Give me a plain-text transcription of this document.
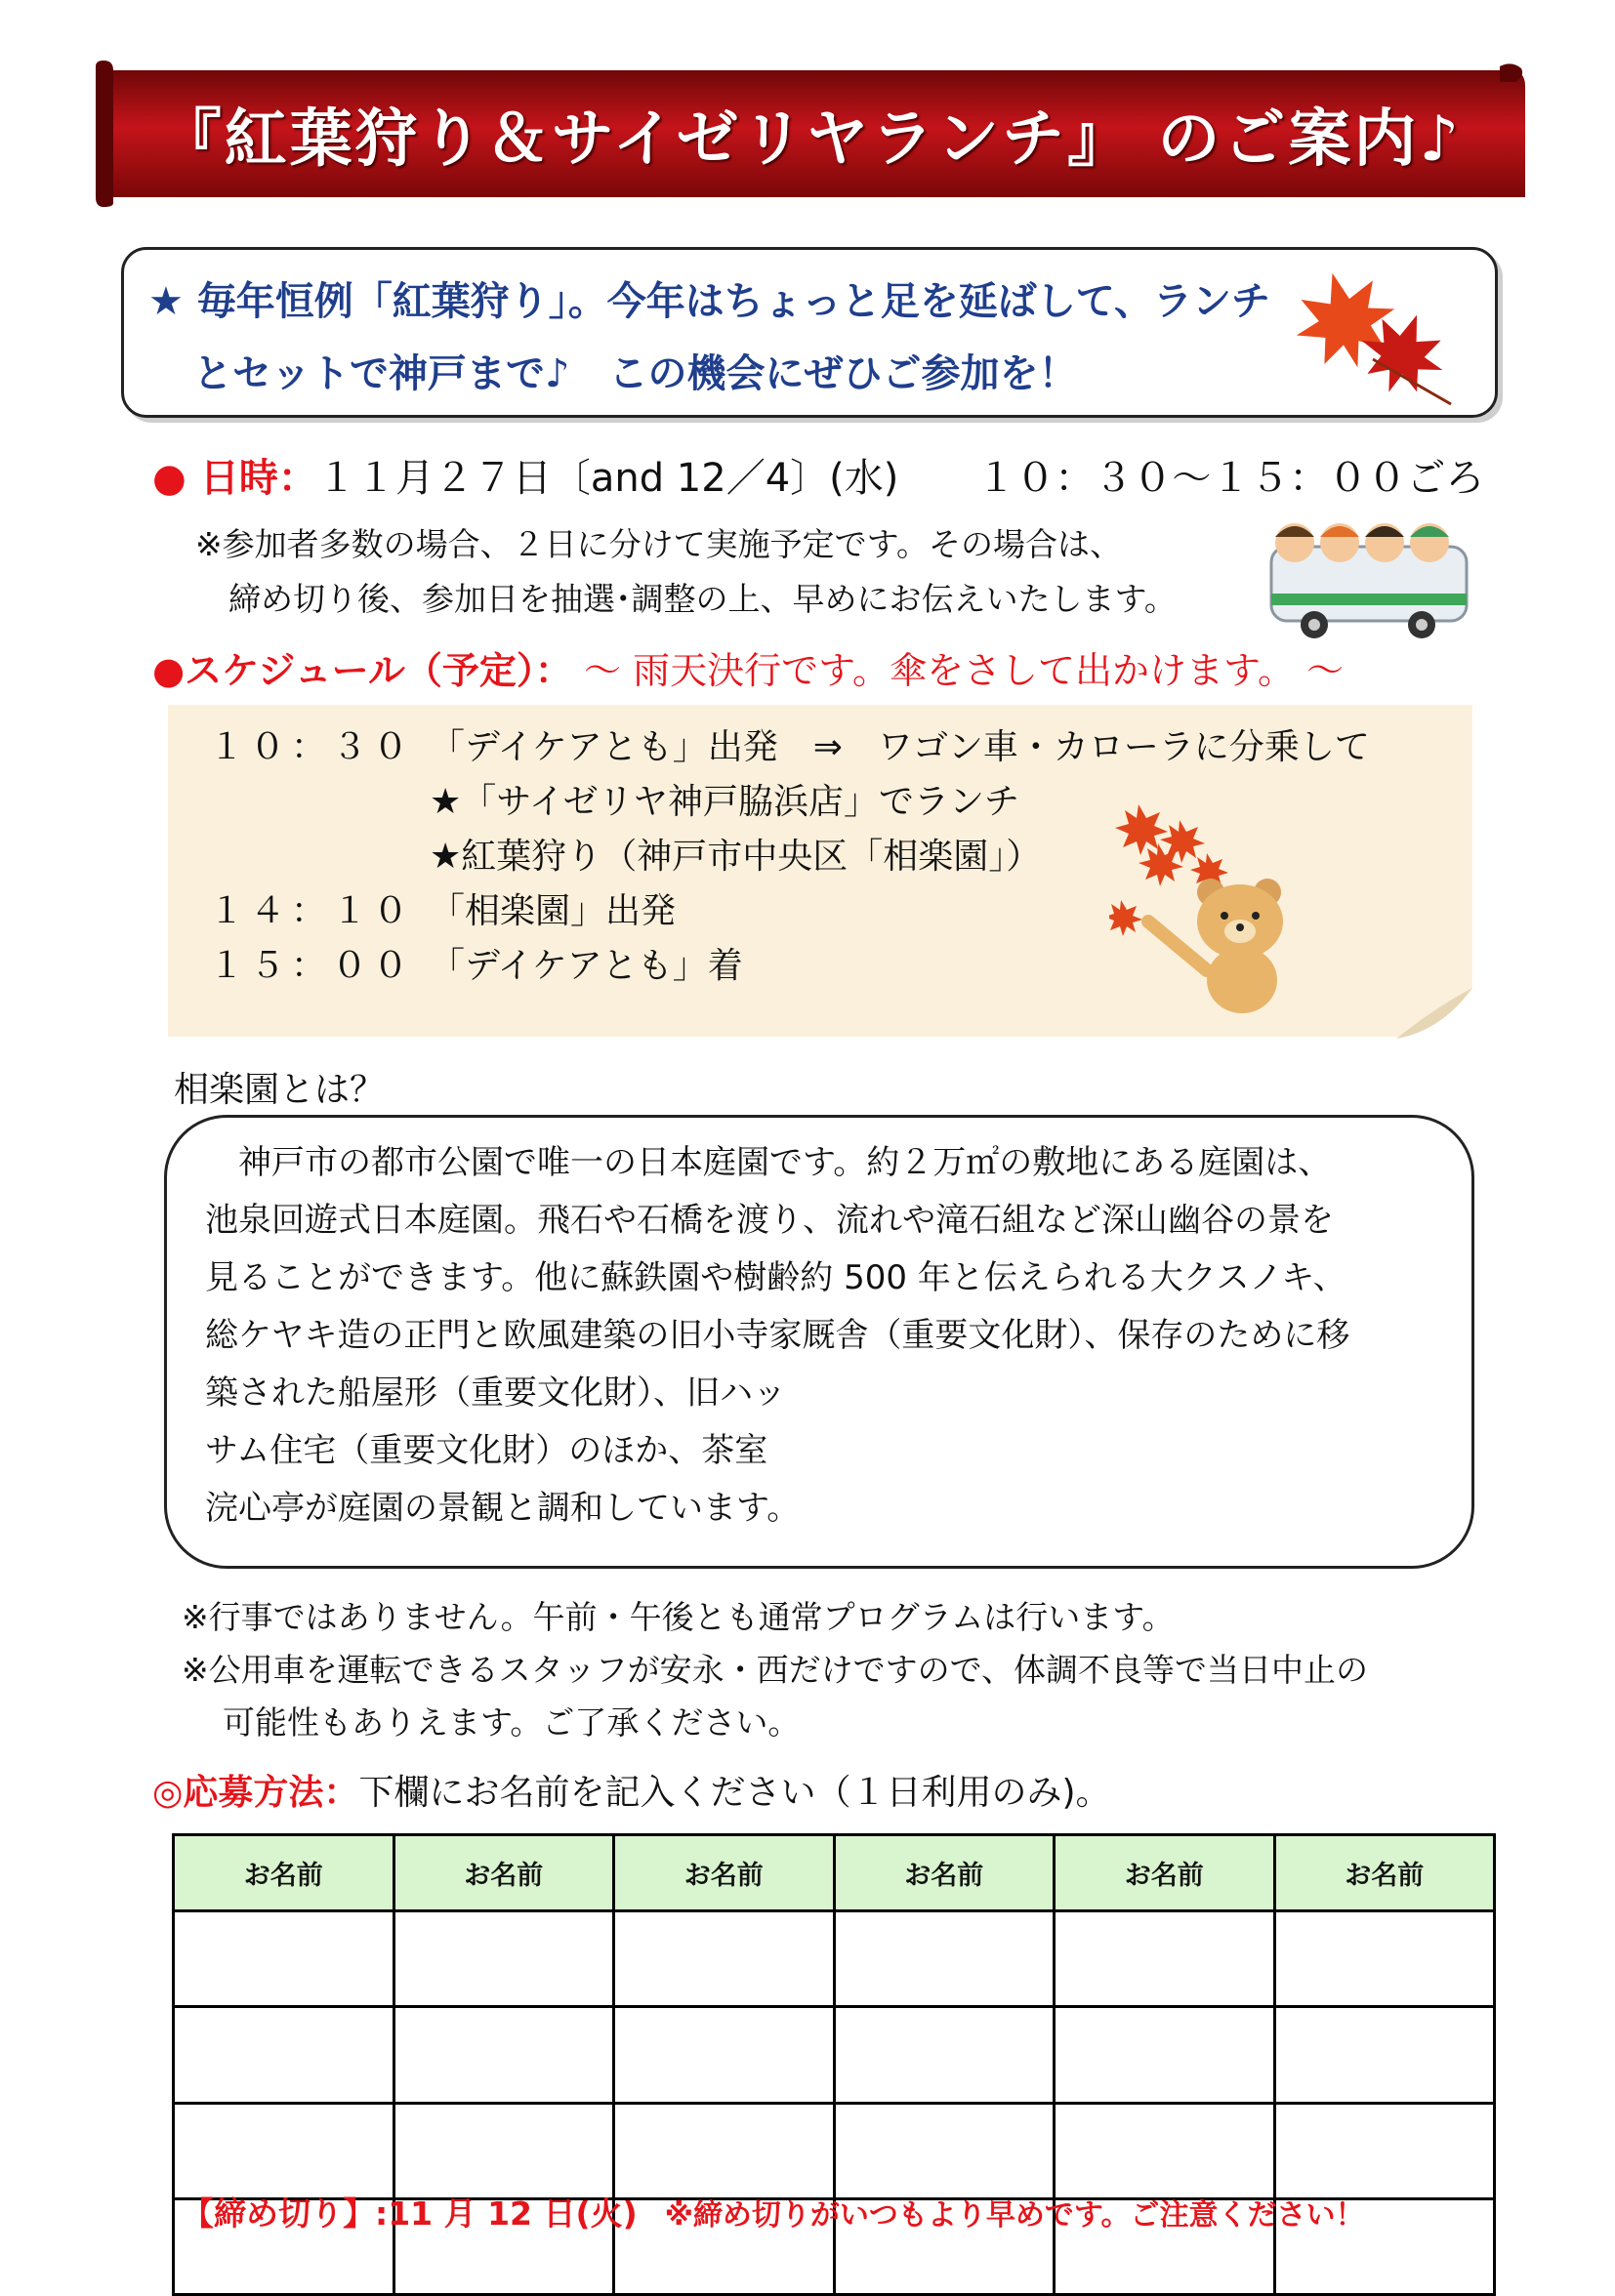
『紅葉狩り＆サイゼリヤランチ』 のご案内♪
★ 毎年恒例「紅葉狩り」。今年はちょっと足を延ばして、ランチ
とセットで神戸まで♪　この機会にぜひご参加を！
● 日時：１１月２７日〔and 12／4〕(水)　　１０：３０～１５：００ごろ
※参加者多数の場合、２日に分けて実施予定です。その場合は、
締め切り後、参加日を抽選･調整の上、早めにお伝えいたします。
●スケジュール（予定）： ～ 雨天決行です。傘をさして出かけます。 ～
１０：３０ 「デイケアとも」出発　⇒　ワゴン車・カローラに分乗して
★「サイゼリヤ神戸脇浜店」でランチ
★紅葉狩り（神戸市中央区「相楽園」）
１４：１０ 「相楽園」出発
１５：００ 「デイケアとも」着
相楽園とは？
　神戸市の都市公園で唯一の日本庭園です。約２万㎡の敷地にある庭園は、
池泉回遊式日本庭園。飛石や石橋を渡り、流れや滝石組など深山幽谷の景を
見ることができます。他に蘇鉄園や樹齢約 500 年と伝えられる大クスノキ、
総ケヤキ造の正門と欧風建築の旧小寺家厩舎（重要文化財）、保存のために移
築された船屋形（重要文化財）、旧ハッ
サム住宅（重要文化財）のほか、茶室
浣心亭が庭園の景観と調和しています。
※行事ではありません。午前・午後とも通常プログラムは行います。
※公用車を運転できるスタッフが安永・西だけですので、体調不良等で当日中止の
可能性もありえます。ご了承ください。
◎応募方法：下欄にお名前を記入ください（１日利用のみ)。
お名前	お名前	お名前	お名前	お名前	お名前

【締め切り】:11 月 12 日(火) ※締め切りがいつもより早めです。ご注意ください！
